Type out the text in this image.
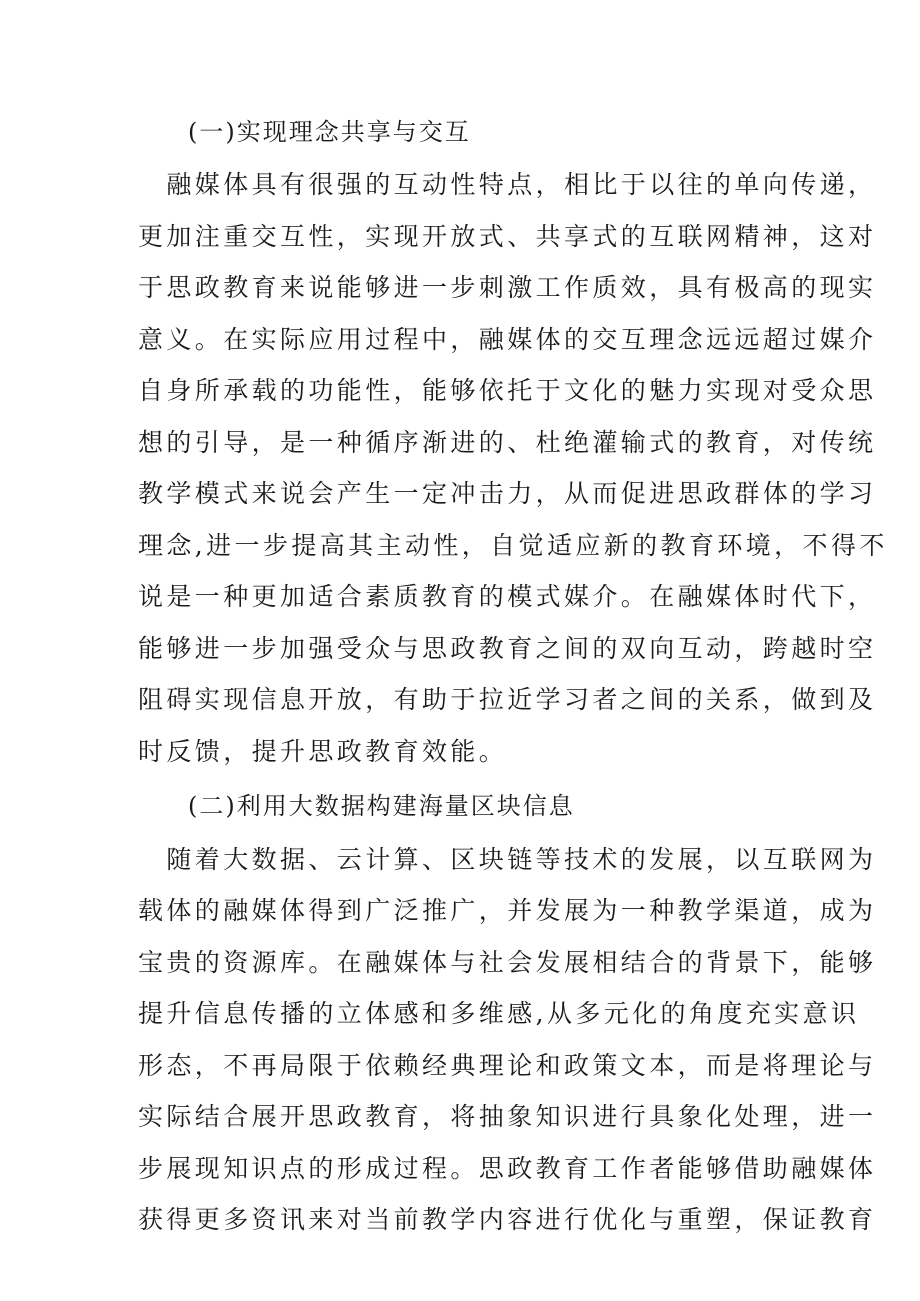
(一)实现理念共享与交互
　融媒体具有很强的互动性特点，相比于以往的单向传递，
更加注重交互性，实现开放式、共享式的互联网精神，这对
于思政教育来说能够进一步刺激工作质效，具有极高的现实
意义。在实际应用过程中，融媒体的交互理念远远超过媒介
自身所承载的功能性，能够依托于文化的魅力实现对受众思
想的引导，是一种循序渐进的、杜绝灌输式的教育，对传统
教学模式来说会产生一定冲击力，从而促进思政群体的学习
理念,进一步提高其主动性，自觉适应新的教育环境，不得不
说是一种更加适合素质教育的模式媒介。在融媒体时代下，
能够进一步加强受众与思政教育之间的双向互动，跨越时空
阻碍实现信息开放，有助于拉近学习者之间的关系，做到及
时反馈，提升思政教育效能。
(二)利用大数据构建海量区块信息
　随着大数据、云计算、区块链等技术的发展，以互联网为
载体的融媒体得到广泛推广，并发展为一种教学渠道，成为
宝贵的资源库。在融媒体与社会发展相结合的背景下，能够
提升信息传播的立体感和多维感,从多元化的角度充实意识
形态，不再局限于依赖经典理论和政策文本，而是将理论与
实际结合展开思政教育，将抽象知识进行具象化处理，进一
步展现知识点的形成过程。思政教育工作者能够借助融媒体
获得更多资讯来对当前教学内容进行优化与重塑，保证教育
